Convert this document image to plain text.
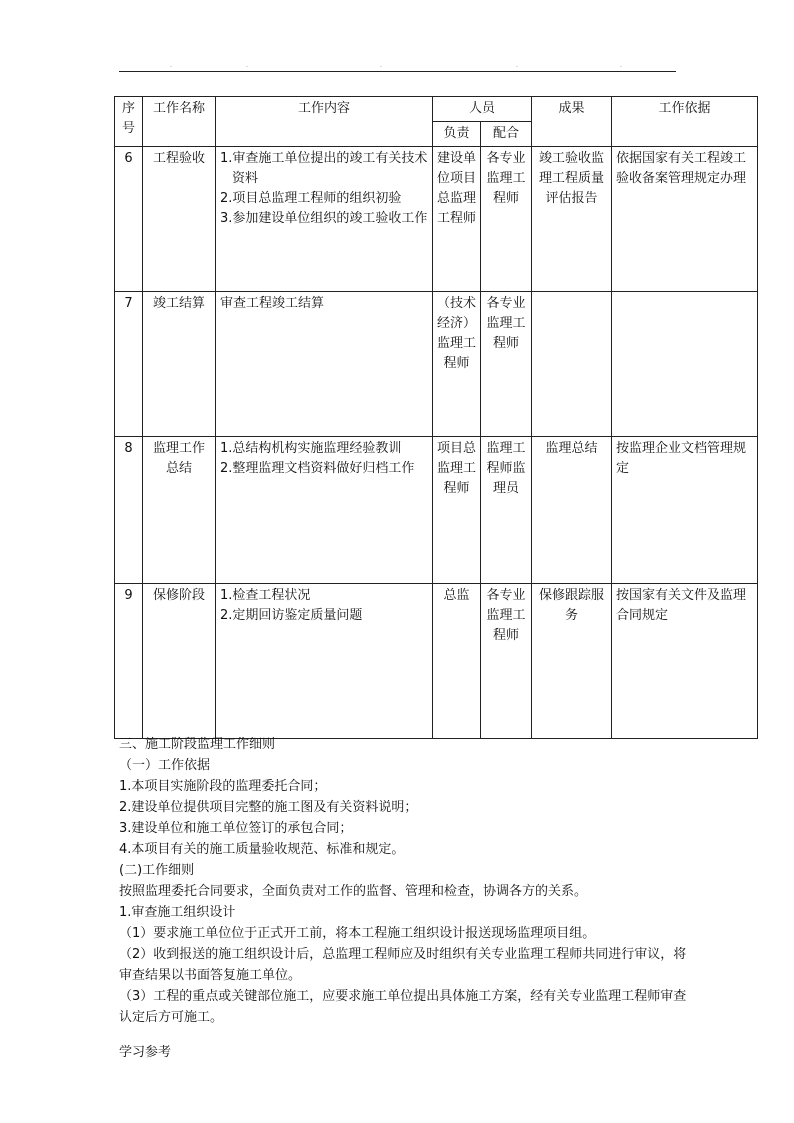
·	·	·	·	·
序号	工作名称	工作内容	人员		成果	工作依据
			负责	配合		
6	工程验收	1.审查施工单位提出的竣工有关技术资料
2.项目总监理工程师的组织初验
3.参加建设单位组织的竣工验收工作	建设单位项目总监理工程师	各专业监理工程师	竣工验收监理工程质量评估报告	依据国家有关工程竣工验收备案管理规定办理
7	竣工结算	审查工程竣工结算	（技术经济）监理工程师	各专业监理工程师		
8	监理工作总结	1.总结构机构实施监理经验教训
2.整理监理文档资料做好归档工作	项目总监理工程师	监理工程师监理员	监理总结	按监理企业文档管理规定
9	保修阶段	1.检查工程状况
2.定期回访鉴定质量问题	总监	各专业监理工程师	保修跟踪服务	按国家有关文件及监理合同规定

三、施工阶段监理工作细则

（一）工作依据

1.本项目实施阶段的监理委托合同；

2.建设单位提供项目完整的施工图及有关资料说明；

3.建设单位和施工单位签订的承包合同；

4.本项目有关的施工质量验收规范、标准和规定。

(二)工作细则

按照监理委托合同要求，全面负责对工作的监督、管理和检查，协调各方的关系。

1.审查施工组织设计

（1）要求施工单位位于正式开工前，将本工程施工组织设计报送现场监理项目组。

（2）收到报送的施工组织设计后，总监理工程师应及时组织有关专业监理工程师共同进行审议，将审查结果以书面答复施工单位。

（3）工程的重点或关键部位施工，应要求施工单位提出具体施工方案，经有关专业监理工程师审查认定后方可施工。

学习参考
